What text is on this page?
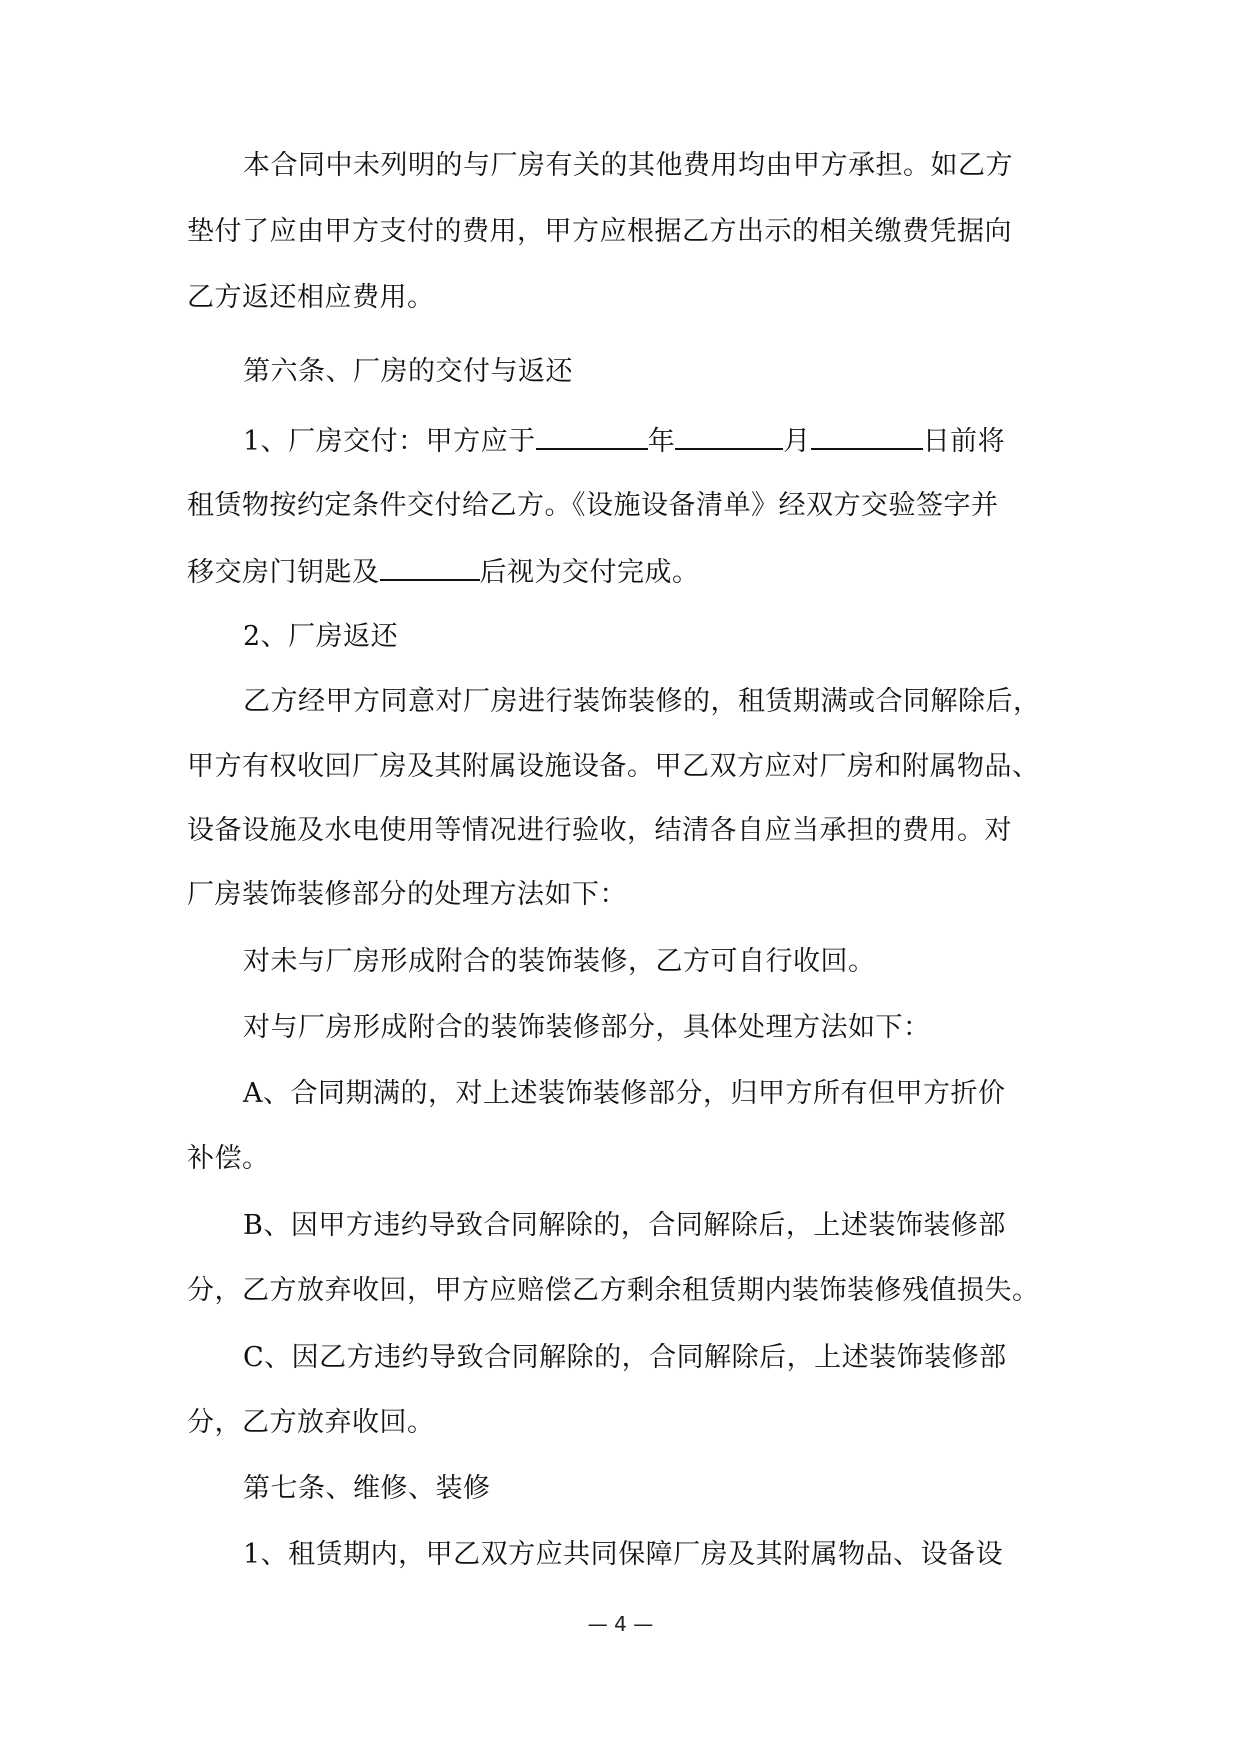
本合同中未列明的与厂房有关的其他费用均由甲方承担。如乙方
垫付了应由甲方支付的费用，甲方应根据乙方出示的相关缴费凭据向
乙方返还相应费用。
第六条、厂房的交付与返还
1、厂房交付：甲方应于	年	月	日前将
租赁物按约定条件交付给乙方。《设施设备清单》经双方交验签字并
移交房门钥匙及	后视为交付完成。
2、厂房返还
乙方经甲方同意对厂房进行装饰装修的，租赁期满或合同解除后，
甲方有权收回厂房及其附属设施设备。甲乙双方应对厂房和附属物品、
设备设施及水电使用等情况进行验收，结清各自应当承担的费用。对
厂房装饰装修部分的处理方法如下：
对未与厂房形成附合的装饰装修，乙方可自行收回。
对与厂房形成附合的装饰装修部分，具体处理方法如下：
A、合同期满的，对上述装饰装修部分，归甲方所有但甲方折价
补偿。
B、因甲方违约导致合同解除的，合同解除后，上述装饰装修部
分，乙方放弃收回，甲方应赔偿乙方剩余租赁期内装饰装修残值损失。
C、因乙方违约导致合同解除的，合同解除后，上述装饰装修部
分，乙方放弃收回。
第七条、维修、装修
1、租赁期内，甲乙双方应共同保障厂房及其附属物品、设备设
— 4 —
